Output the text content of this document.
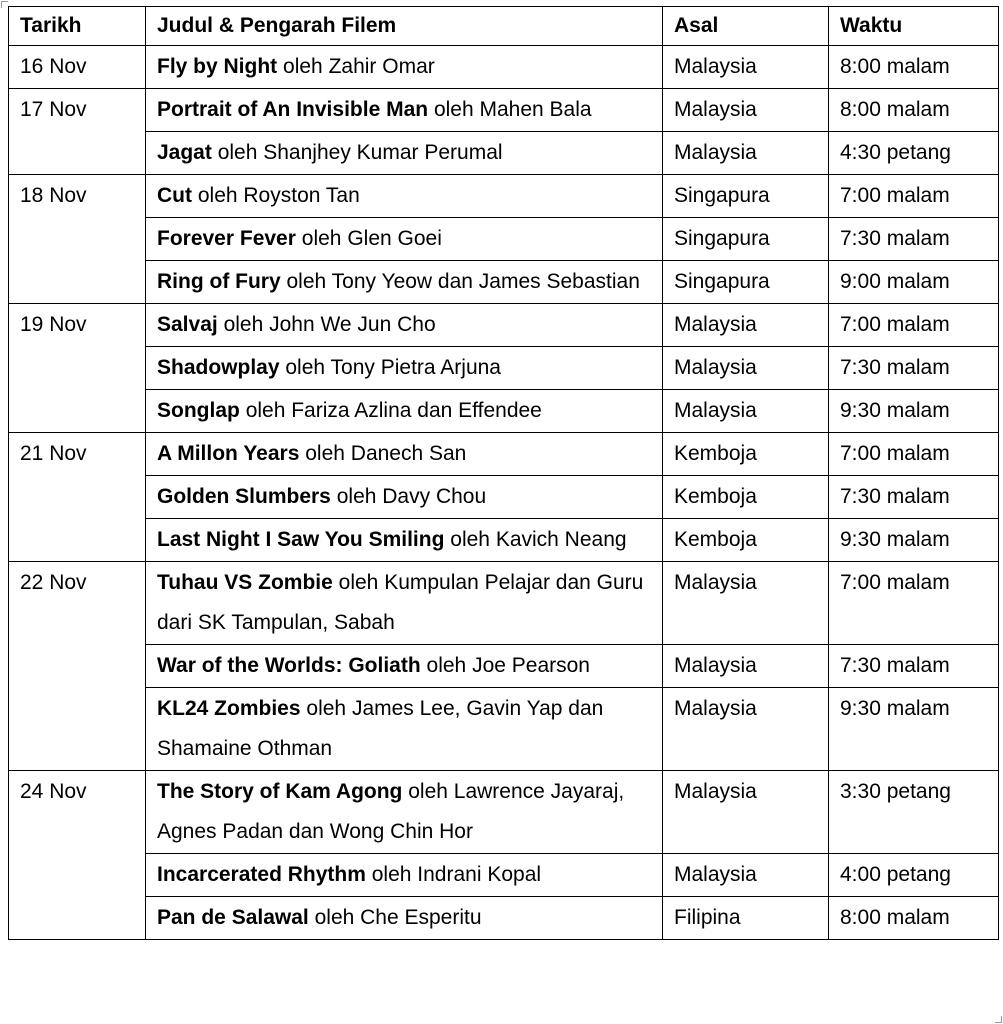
Tarikh	Judul & Pengarah Filem	Asal	Waktu
16 Nov	Fly by Night oleh Zahir Omar	Malaysia	8:00 malam
17 Nov	Portrait of An Invisible Man oleh Mahen Bala	Malaysia	8:00 malam
	Jagat oleh Shanjhey Kumar Perumal	Malaysia	4:30 petang
18 Nov	Cut oleh Royston Tan	Singapura	7:00 malam
	Forever Fever oleh Glen Goei	Singapura	7:30 malam
	Ring of Fury oleh Tony Yeow dan James Sebastian	Singapura	9:00 malam
19 Nov	Salvaj oleh John We Jun Cho	Malaysia	7:00 malam
	Shadowplay oleh Tony Pietra Arjuna	Malaysia	7:30 malam
	Songlap oleh Fariza Azlina dan Effendee	Malaysia	9:30 malam
21 Nov	A Millon Years oleh Danech San	Kemboja	7:00 malam
	Golden Slumbers oleh Davy Chou	Kemboja	7:30 malam
	Last Night I Saw You Smiling oleh Kavich Neang	Kemboja	9:30 malam
22 Nov	Tuhau VS Zombie oleh Kumpulan Pelajar dan Guru dari SK Tampulan, Sabah	Malaysia	7:00 malam
	War of the Worlds: Goliath oleh Joe Pearson	Malaysia	7:30 malam
	KL24 Zombies oleh James Lee, Gavin Yap dan Shamaine Othman	Malaysia	9:30 malam
24 Nov	The Story of Kam Agong oleh Lawrence Jayaraj, Agnes Padan dan Wong Chin Hor	Malaysia	3:30 petang
	Incarcerated Rhythm oleh Indrani Kopal	Malaysia	4:00 petang
	Pan de Salawal oleh Che Esperitu	Filipina	8:00 malam
